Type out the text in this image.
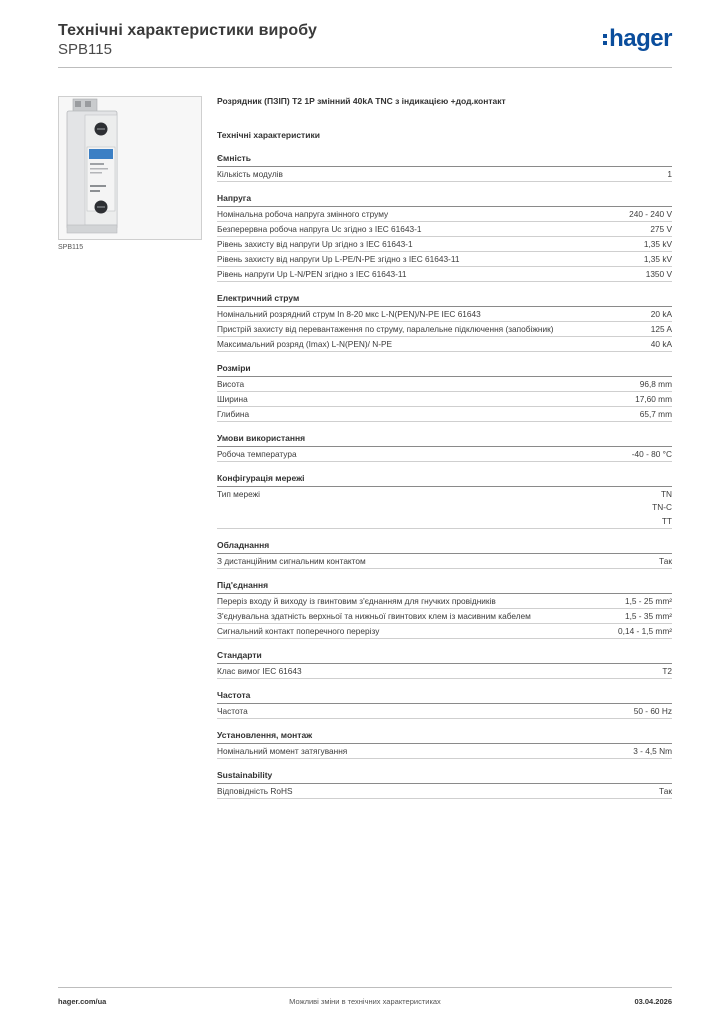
Технічні характеристики виробу
SPB115	hager
SPB115
Розрядник (ПЗІП) Т2 1Р змінний 40kA TNC з індикацією +дод.контакт
Технічні характеристики
Ємність
Кількість модулів	1
Напруга
Номінальна робоча напруга змінного струму	240 - 240 V
Безперервна робоча напруга Uc згідно з IEC 61643-1	275 V
Рівень захисту від напруги Up згідно з IEC 61643-1	1,35 kV
Рівень захисту від напруги Up L-PE/N-PE згідно з IEC 61643-11	1,35 kV
Рівень напруги Up L-N/PEN згідно з IEC 61643-11	1350 V
Електричний струм
Номінальний розрядний струм In 8-20 мкс L-N(PEN)/N-PE IEC 61643	20 kA
Пристрій захисту від перевантаження по струму, паралельне підключення (запобіжник)	125 A
Максимальний розряд (Imax) L-N(PEN)/ N-PE	40 kA
Розміри
Висота	96,8 mm
Ширина	17,60 mm
Глибина	65,7 mm
Умови використання
Робоча температура	-40 - 80 °C
Конфігурація мережі
Тип мережі	TN
TN-C
TT
Обладнання
З дистанційним сигнальним контактом	Так
Під'єднання
Переріз входу й виходу із гвинтовим з'єднанням для гнучких провідників	1,5 - 25 mm²
З'єднувальна здатність верхньої та нижньої гвинтових клем із масивним кабелем	1,5 - 35 mm²
Сигнальний контакт поперечного перерізу	0,14 - 1,5 mm²
Стандарти
Клас вимог IEC 61643	T2
Частота
Частота	50 - 60 Hz
Установлення, монтаж
Номінальний момент затягування	3 - 4,5 Nm
Sustainability
Відповідність RoHS	Так
Можливі зміни в технічних характеристиках
hager.com/ua	03.04.2026
